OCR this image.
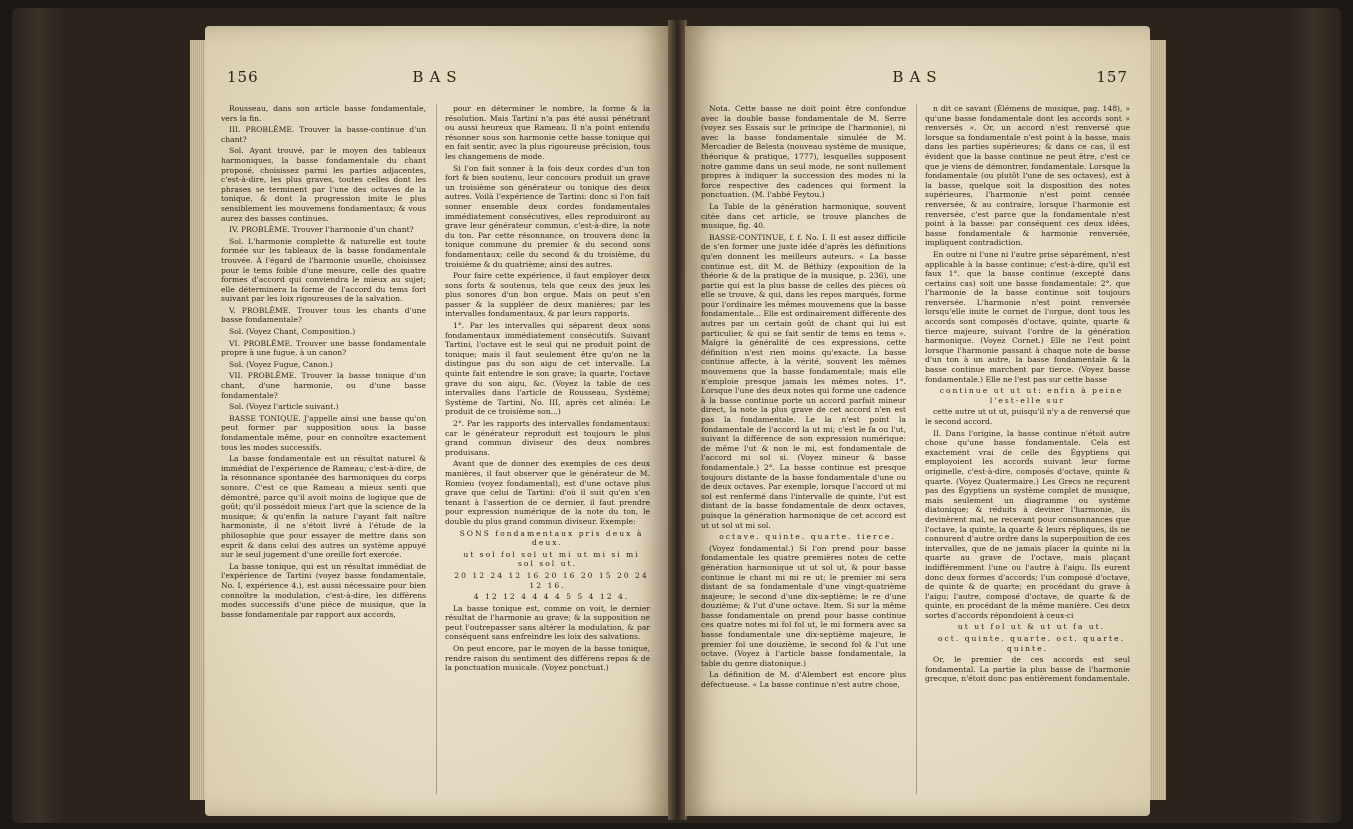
156	BAS

Rousseau, dans son article basse fondamentale, vers la fin.

III. PROBLÊME. Trouver la basse-continue d'un chant?

Sol. Ayant trouvé, par le moyen des tableaux harmoniques, la basse fondamentale du chant proposé, choisissez parmi les parties adjacentes, c'est-à-dire, les plus graves, toutes celles dont les phrases se terminent par l'une des octaves de la tonique, & dont la progression imite le plus sensiblement les mouvemens fondamentaux; & vous aurez des basses continues.

IV. PROBLÊME. Trouver l'harmonie d'un chant?

Sol. L'harmonie complette & naturelle est toute formée sur les tableaux de la basse fondamentale trouvée. À l'égard de l'harmonie usuelle, choisissez pour le tems foible d'une mesure, celle des quatre formes d'accord qui conviendra le mieux au sujet; elle déterminera la forme de l'accord du tems fort suivant par les loix rigoureuses de la salvation.

V. PROBLÊME. Trouver tous les chants d'une basse fondamentale?

Sol. (Voyez Chant, Composition.)

VI. PROBLÊME. Trouver une basse fondamentale propre à une fugue, à un canon?

Sol. (Voyez Fugue, Canon.)

VII. PROBLÊME. Trouver la basse tonique d'un chant, d'une harmonie, ou d'une basse fondamentale?

Sol. (Voyez l'article suivant.)

BASSE TONIQUE. J'appelle ainsi une basse qu'on peut former par supposition sous la basse fondamentale même, pour en connoître exactement tous les modes successifs.

La basse fondamentale est un résultat naturel & immédiat de l'expérience de Rameau; c'est-à-dire, de la résonnance spontanée des harmoniques du corps sonore. C'est ce que Rameau a mieux senti que démontré, parce qu'il avoit moins de logique que de goût; qu'il possédoit mieux l'art que la science de la musique; & qu'enfin la nature l'ayant fait naître harmoniste, il ne s'étoit livré à l'étude de la philosophie que pour essayer de mettre dans son esprit & dans celui des autres un système appuyé sur le seul jugement d'une oreille fort exercée.

La basse tonique, qui est un résultat immédiat de l'expérience de Tartini (voyez basse fondamentale, No. I, expérience 4.), est aussi nécessaire pour bien connoître la modulation, c'est-à-dire, les différens modes successifs d'une pièce de musique, que la basse fondamentale par rapport aux accords,

pour en déterminer le nombre, la forme & la résolution. Mais Tartini n'a pas été aussi pénétrant ou aussi heureux que Rameau. Il n'a point entendu résonner sous son harmonie cette basse tonique qui en fait sentir, avec la plus rigoureuse précision, tous les changemens de mode.

Si l'on fait sonner à la fois deux cordes d'un ton fort & bien soutenu, leur concours produit un grave un troisième son générateur ou tonique des deux autres. Voilà l'expérience de Tartini: donc si l'on fait sonner ensemble deux cordes fondamentales immédiatement consécutives, elles reproduiront au grave leur générateur commun, c'est-à-dire, la note du ton. Par cette résonnance, on trouvera donc la tonique commune du premier & du second sons fondamentaux; celle du second & du troisième, du troisième & du quatrième; ainsi des autres.

Pour faire cette expérience, il faut employer deux sons forts & soutenus, tels que ceux des jeux les plus sonores d'un bon orgue. Mais on peut s'en passer & la suppléer de deux manières; par les intervalles fondamentaux, & par leurs rapports.

1°. Par les intervalles qui séparent deux sons fondamentaux immédiatement consécutifs. Suivant Tartini, l'octave est le seul qui ne produit point de tonique; mais il faut seulement être qu'on ne la distingue pas du son aigu de cet intervalle. La quinte fait entendre le son grave; la quarte, l'octave grave du son aigu, &c. (Voyez la table de ces intervalles dans l'article de Rousseau, Système; Système de Tartini, No. III, après cet alinéa: Le produit de ce troisième son...)

2°. Par les rapports des intervalles fondamentaux: car le générateur reproduit est toujours le plus grand commun diviseur des deux nombres produisans.

Avant que de donner des exemples de ces deux manières, il faut observer que le générateur de M. Romieu (voyez fondamental), est d'une octave plus grave que celui de Tartini: d'où il suit qu'en s'en tenant à l'assertion de ce dernier, il faut prendre pour expression numérique de la note du ton, le double du plus grand commun diviseur. Exemple:

SONS fondamentaux pris deux à deux.

ut sol fol sol ut mi ut mi si mi sol sol ut.

20 12 24 12 16 20 16 20 15 20 24 12 16.

4 12 12 4 4 4 4 5 5 4 12 4.

La basse tonique est, comme on voit, le dernier résultat de l'harmonie au grave; & la supposition ne peut l'outrepasser sans altérer la modulation, & par conséquent sans enfreindre les loix des salvations.

On peut encore, par le moyen de la basse tonique, rendre raison du sentiment des différens repos & de la ponctuation musicale. (Voyez ponctuat.)

BAS	157

Nota. Cette basse ne doit point être confondue avec la double basse fondamentale de M. Serre (voyez ses Essais sur le principe de l'harmonie), ni avec la basse fondamentale simulée de M. Mercadier de Belesta (nouveau système de musique, théorique & pratique, 1777), lesquelles supposent notre gamme dans un seul mode, ne sont nullement propres à indiquer la succession des modes ni la force respective des cadences qui forment la ponctuation. (M. l'abbé Feytou.)

La Table de la génération harmonique, souvent citée dans cet article, se trouve planches de musique, fig. 40.

BASSE-CONTINUE, f. f. No. I. Il est assez difficile de s'en former une juste idée d'après les définitions qu'en donnent les meilleurs auteurs. « La basse continue est, dit M. de Béthizy (exposition de la théorie & de la pratique de la musique, p. 236), une partie qui est la plus basse de celles des pièces où elle se trouve, & qui, dans les repos marqués, forme pour l'ordinaire les mêmes mouvemens que la basse fondamentale... Elle est ordinairement différente des autres par un certain goût de chant qui lui est particulier, & qui se fait sentir de tems en tems ». Malgré la généralité de ces expressions, cette définition n'est rien moins qu'exacte. La basse continue affecte, à la vérité, souvent les mêmes mouvemens que la basse fondamentale; mais elle n'emploie presque jamais les mêmes notes. 1°. Lorsque l'une des deux notes qui forme une cadence à la basse continue porte un accord parfait mineur direct, la note la plus grave de cet accord n'en est pas la fondamentale. Le la n'est point la fondamentale de l'accord la ut mi; c'est le fa ou l'ut, suivant la différence de son expression numérique: de même l'ut & non le mi, est fondamentale de l'accord mi sol si. (Voyez mineur & basse fondamentale.) 2°. La basse continue est presque toujours distante de la basse fondamentale d'une ou de deux octaves. Par exemple, lorsque l'accord ut mi sol est renfermé dans l'intervalle de quinte, l'ut est distant de la basse fondamentale de deux octaves, puisque la génération harmonique de cet accord est ut ut sol ut mi sol.

octave. quinte. quarte. tierce.

(Voyez fondamental.) Si l'on prend pour basse fondamentale les quatre premières notes de cette génération harmonique ut ut sol ut, & pour basse continue le chant mi mi re ut; le premier mi sera distant de sa fondamentale d'une vingt-quatrième majeure; le second d'une dix-septième; le re d'une douzième; & l'ut d'une octave. Item. Si sur la même basse fondamentale on prend pour basse continue ces quatre notes mi fol fol ut, le mi formera avec sa basse fondamentale une dix-septième majeure, le premier fol une douzième, le second fol & l'ut une octave. (Voyez à l'article basse fondamentale, la table du genre diatonique.)

La définition de M. d'Alembert est encore plus défectueuse. « La basse continue n'est autre chose,

n dit ce savant (Élémens de musique, pag. 148), » qu'une basse fondamentale dont les accords sont » renversés ». Or, un accord n'est renversé que lorsque sa fondamentale n'est point à la basse, mais dans les parties supérieures; & dans ce cas, il est évident que la basse continue ne peut être, c'est ce que je viens de démontrer, fondamentale. Lorsque la fondamentale (ou plutôt l'une de ses octaves), est à la basse, quelque soit la disposition des notes supérieures, l'harmonie n'est point censée renversée, & au contraire, lorsque l'harmonie est renversée, c'est parce que la fondamentale n'est point à la basse: par conséquent ces deux idées, basse fondamentale & harmonie renversée, impliquent contradiction.

En outre ni l'une ni l'autre prise séparément, n'est applicable à la basse continue; c'est-à-dire, qu'il est faux 1°. que la basse continue (excepté dans certains cas) soit une basse fondamentale: 2°. que l'harmonie de la basse continue soit toujours renversée. L'harmonie n'est point renversée lorsqu'elle imite le cornet de l'orgue, dont tous les accords sont composés d'octave, quinte, quarte & tierce majeure, suivant l'ordre de la génération harmonique. (Voyez Cornet.) Elle ne l'est point lorsque l'harmonie passant à chaque note de basse d'un ton à un autre, la basse fondamentale & la basse continue marchent par tierce. (Voyez basse fondamentale.) Elle ne l'est pas sur cette basse

continue ut ut ut: enfin à peine l'est-elle sur

cette autre ut ut ut, puisqu'il n'y a de renversé que le second accord.

II. Dans l'origine, la basse continue n'étoit autre chose qu'une basse fondamentale. Cela est exactement vrai de celle des Égyptiens qui employoient les accords suivant leur forme originelle, c'est-à-dire, composés d'octave, quinte & quarte. (Voyez Quatermaire.) Les Grecs ne reçurent pas des Égyptiens un système complet de musique, mais seulement un diagramme ou système diatonique; & réduits à deviner l'harmonie, ils devinèrent mal, ne recevant pour consonnances que l'octave, la quinte, la quarte & leurs répliques, ils ne connurent d'autre ordre dans la superposition de ces intervalles, que de ne jamais placer la quinte ni la quarte au grave de l'octave, mais plaçant indifféremment l'une ou l'autre à l'aigu. Ils eurent donc deux formes d'accords; l'un composé d'octave, de quinte & de quarte; en procédant du grave à l'aigu; l'autre, composé d'octave, de quarte & de quinte, en procédant de la même manière. Ces deux sortes d'accords répondoient à ceux-ci

ut ut fol ut & ut ut fa ut.

oct. quinte. quarte. oct. quarte. quinte.

Or, le premier de ces accords est seul fondamental. La partie la plus basse de l'harmonie grecque, n'étoit donc pas entièrement fondamentale.
